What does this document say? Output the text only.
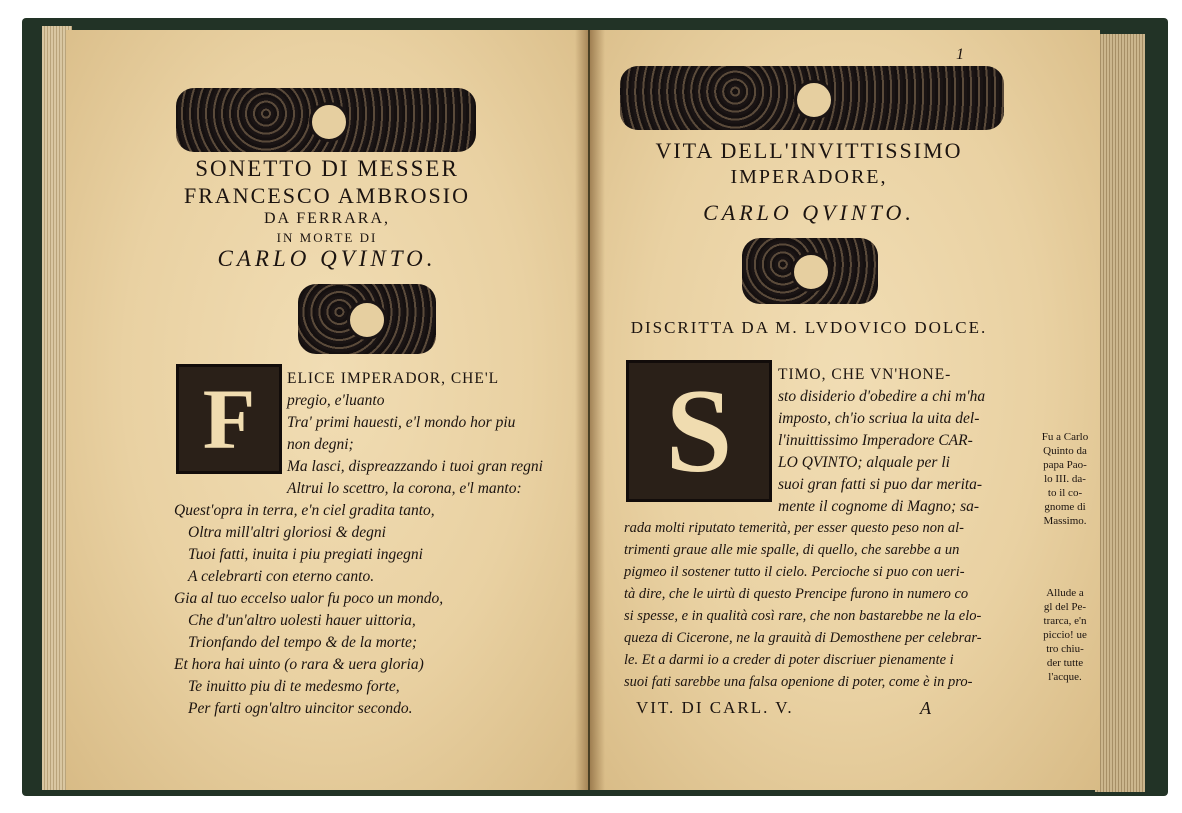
SONETTO DI MESSER
FRANCESCO AMBROSIO
DA FERRARA,
IN MORTE DI
CARLO QVINTO.
F	ELICE IMPERADOR, CHE'L
pregio, e'luanto
Tra' primi hauesti, e'l mondo hor piu
non degni;
Ma lasci, dispreazzando i tuoi gran regni
Altrui lo scettro, la corona, e'l manto:
Quest'opra in terra, e'n ciel gradita tanto,
Oltra mill'altri gloriosi & degni
Tuoi fatti, inuita i piu pregiati ingegni
A celebrarti con eterno canto.
Gia al tuo eccelso ualor fu poco un mondo,
Che d'un'altro uolesti hauer uittoria,
Trionfando del tempo & de la morte;
Et hora hai uinto (o rara & uera gloria)
Te inuitto piu di te medesmo forte,
Per farti ogn'altro uincitor secondo.
1
VITA DELL'INVITTISSIMO
IMPERADORE,
CARLO QVINTO.
DISCRITTA DA M. LVDOVICO DOLCE.
S	TIMO, CHE VN'HONE-
sto disiderio d'obedire a chi m'ha
imposto, ch'io scriua la uita del-
l'inuittissimo Imperadore CAR-
LO QVINTO; alquale per li
suoi gran fatti si puo dar merita-
mente il cognome di Magno; sa-
rada molti riputato temerità, per esser questo peso non al-
trimenti graue alle mie spalle, di quello, che sarebbe a un
pigmeo il sostener tutto il cielo. Percioche si puo con ueri-
tà dire, che le uirtù di questo Prencipe furono in numero co
si spesse, e in qualità così rare, che non bastarebbe ne la elo-
queza di Cicerone, ne la grauità di Demosthene per celebrar-
le. Et a darmi io a creder di poter discriuer pienamente i
suoi fati sarebbe una falsa openione di poter, come è in pro-
VIT. DI CARL. V.	A
Fu a Carlo
Quinto da
papa Pao-
lo III. da-
to il co-
gnome di
Massimo.
Allude a
gl del Pe-
trarca, e'n
piccio! ue
tro chiu-
der tutte
l'acque.
